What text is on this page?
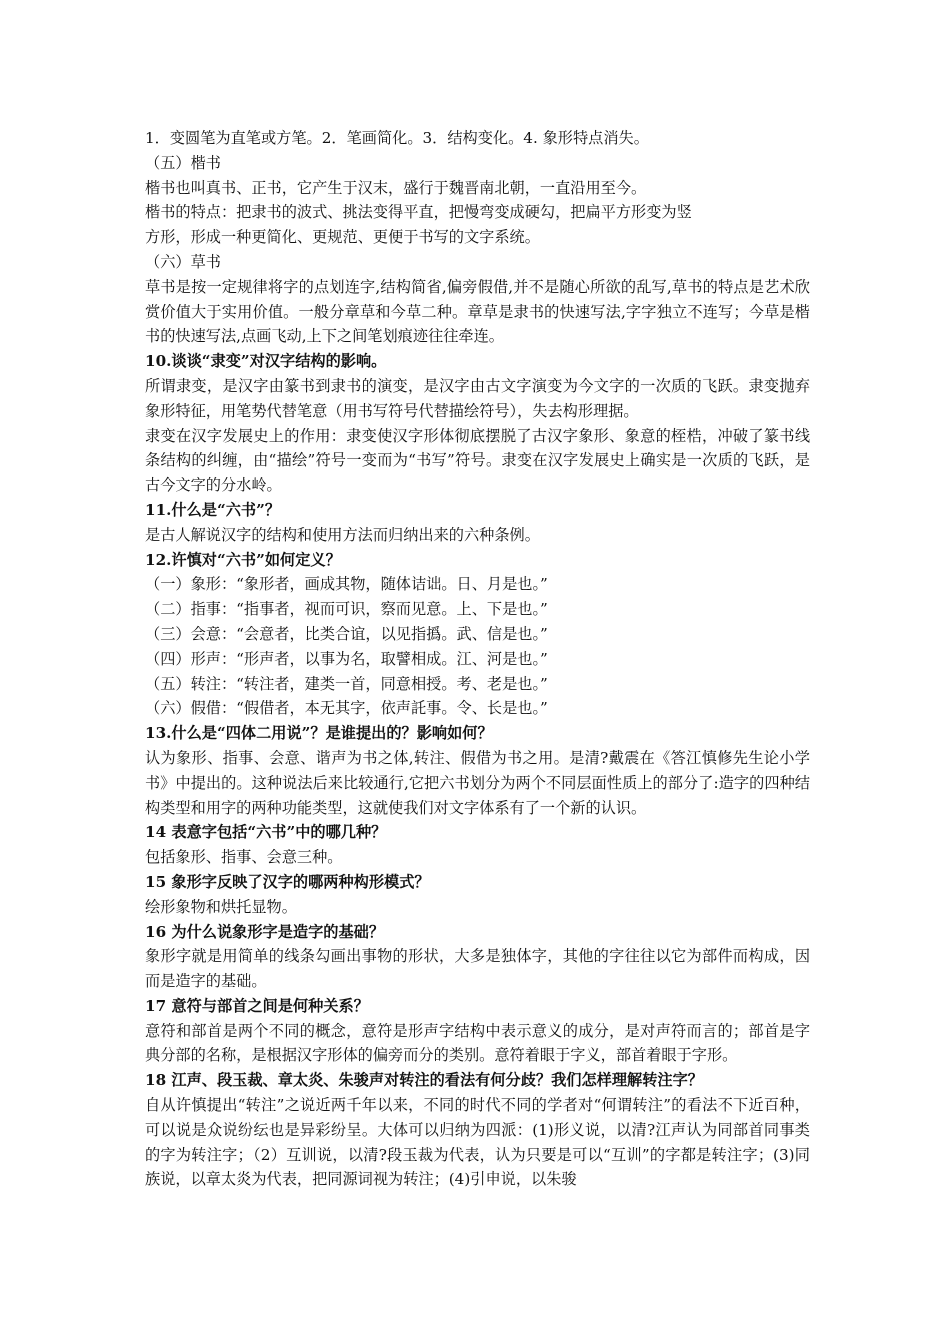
1．变圆笔为直笔或方笔。2．笔画简化。3．结构变化。4. 象形特点消失。
（五）楷书
楷书也叫真书、正书，它产生于汉末，盛行于魏晋南北朝，一直沿用至今。
楷书的特点：把隶书的波式、挑法变得平直，把慢弯变成硬勾，把扁平方形变为竖
方形，形成一种更简化、更规范、更便于书写的文字系统。
（六）草书
草书是按一定规律将字的点划连字,结构简省,偏旁假借,并不是随心所欲的乱写,草书的特点是艺术欣赏价值大于实用价值。一般分章草和今草二种。章草是隶书的快速写法,字字独立不连写；今草是楷书的快速写法,点画飞动,上下之间笔划痕迹往往牵连。
10.谈谈“隶变”对汉字结构的影响。
所谓隶变，是汉字由篆书到隶书的演变，是汉字由古文字演变为今文字的一次质的飞跃。隶变抛弃象形特征，用笔势代替笔意（用书写符号代替描绘符号），失去构形理据。
隶变在汉字发展史上的作用：隶变使汉字形体彻底摆脱了古汉字象形、象意的桎梏，冲破了篆书线条结构的纠缠，由“描绘”符号一变而为“书写”符号。隶变在汉字发展史上确实是一次质的飞跃，是古今文字的分水岭。
11.什么是“六书”？
是古人解说汉字的结构和使用方法而归纳出来的六种条例。
12.许慎对“六书”如何定义？
（一）象形：“象形者，画成其物，随体诘诎。日、月是也。”
（二）指事：“指事者，视而可识，察而见意。上、下是也。”
（三）会意：“会意者，比类合谊，以见指撝。武、信是也。”
（四）形声：“形声者，以事为名，取譬相成。江、河是也。”
（五）转注：“转注者，建类一首，同意相授。考、老是也。”
（六）假借：“假借者，本无其字，依声託事。令、长是也。”
13.什么是“四体二用说”？是谁提出的？影响如何？
认为象形、指事、会意、谐声为书之体,转注、假借为书之用。是清?戴震在《答江慎修先生论小学书》中提出的。这种说法后来比较通行,它把六书划分为两个不同层面性质上的部分了:造字的四种结构类型和用字的两种功能类型，这就使我们对文字体系有了一个新的认识。
14 表意字包括“六书”中的哪几种？
包括象形、指事、会意三种。
15 象形字反映了汉字的哪两种构形模式？
绘形象物和烘托显物。
16 为什么说象形字是造字的基础？
象形字就是用简单的线条勾画出事物的形状，大多是独体字，其他的字往往以它为部件而构成，因而是造字的基础。
17 意符与部首之间是何种关系？
意符和部首是两个不同的概念，意符是形声字结构中表示意义的成分，是对声符而言的；部首是字典分部的名称，是根据汉字形体的偏旁而分的类别。意符着眼于字义，部首着眼于字形。
18 江声、段玉裁、章太炎、朱骏声对转注的看法有何分歧？我们怎样理解转注字？
自从许慎提出“转注”之说近两千年以来，不同的时代不同的学者对“何谓转注”的看法不下近百种，可以说是众说纷纭也是异彩纷呈。大体可以归纳为四派：(1)形义说，以清?江声认为同部首同事类的字为转注字；（2）互训说，以清?段玉裁为代表，认为只要是可以“互训”的字都是转注字；(3)同族说，以章太炎为代表，把同源词视为转注；(4)引申说，以朱骏
